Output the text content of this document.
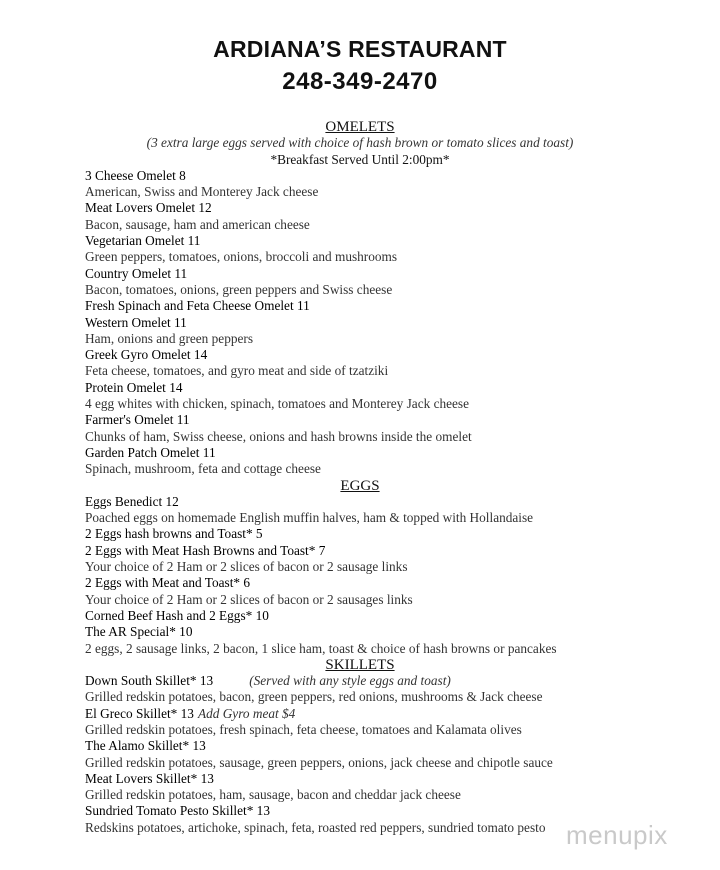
ARDIANA’S RESTAURANT
248-349-2470
OMELETS
(3 extra large eggs served with choice of hash brown or tomato slices and toast)
*Breakfast Served Until 2:00pm*
3 Cheese Omelet 8
American, Swiss and Monterey Jack cheese
Meat Lovers Omelet 12
Bacon, sausage, ham and american cheese
Vegetarian Omelet 11
Green peppers, tomatoes, onions, broccoli and mushrooms
Country Omelet 11
Bacon, tomatoes, onions, green peppers and Swiss cheese
Fresh Spinach and Feta Cheese Omelet 11
Western Omelet 11
Ham, onions and green peppers
Greek Gyro Omelet 14
Feta cheese, tomatoes, and gyro meat and side of tzatziki
Protein Omelet 14
4 egg whites with chicken, spinach, tomatoes and Monterey Jack cheese
Farmer's Omelet 11
Chunks of ham, Swiss cheese, onions and hash browns inside the omelet
Garden Patch Omelet 11
Spinach, mushroom, feta and cottage cheese
EGGS
Eggs Benedict 12
Poached eggs on homemade English muffin halves, ham & topped with Hollandaise
2 Eggs hash browns and Toast* 5
2 Eggs with Meat Hash Browns and Toast* 7
Your choice of 2 Ham or 2 slices of bacon or 2 sausage links
2 Eggs with Meat and Toast* 6
Your choice of 2 Ham or 2 slices of bacon or 2 sausages links
Corned Beef Hash and 2 Eggs* 10
The AR Special* 10
2 eggs, 2 sausage links, 2 bacon, 1 slice ham, toast & choice of hash browns or pancakes
SKILLETS
Down South Skillet* 13	(Served with any style eggs and toast)
Grilled redskin potatoes, bacon, green peppers, red onions, mushrooms & Jack cheese
El Greco Skillet* 13 Add Gyro meat $4
Grilled redskin potatoes, fresh spinach, feta cheese, tomatoes and Kalamata olives
The Alamo Skillet* 13
Grilled redskin potatoes, sausage, green peppers, onions, jack cheese and chipotle sauce
Meat Lovers Skillet* 13
Grilled redskin potatoes, ham, sausage, bacon and cheddar jack cheese
Sundried Tomato Pesto Skillet* 13
Redskins potatoes, artichoke, spinach, feta, roasted red peppers, sundried tomato pesto menupix
